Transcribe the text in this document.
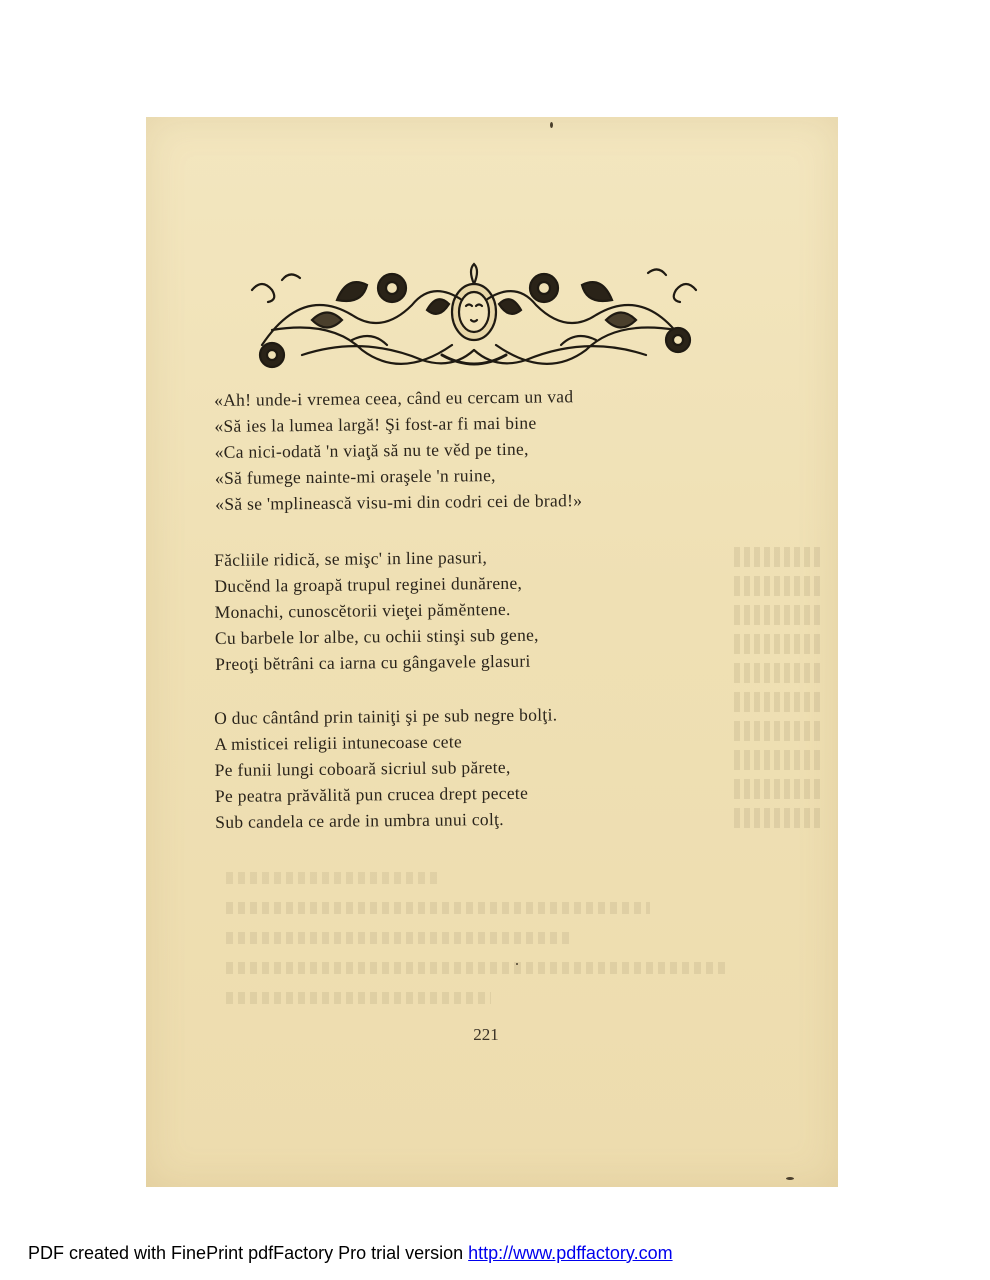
«Ah! unde-i vremea ceea, când eu cercam un vad
«Să ies la lumea largă! Şi fost-ar fi mai bine
«Ca nici-odată 'n viaţă să nu te vĕd pe tine,
«Să fumege nainte-mi oraşele 'n ruine,
«Să se 'mplinească visu-mi din codri cei de brad!»
Făcliile ridică, se mişc' in line pasuri,
Ducĕnd la groapă trupul reginei dunărene,
Monachi, cunoscĕtorii vieţei pămĕntene.
Cu barbele lor albe, cu ochii stinşi sub gene,
Preoţi bĕtrâni ca iarna cu gângavele glasuri
O duc cântând prin tainiţi şi pe sub negre bolţi.
A misticei religii intunecoase cete
Pe funii lungi coboară sicriul sub părete,
Pe peatra prăvălită pun crucea drept pecete
Sub candela ce arde in umbra unui colţ.
221
PDF created with FinePrint pdfFactory Pro trial version http://www.pdffactory.com
